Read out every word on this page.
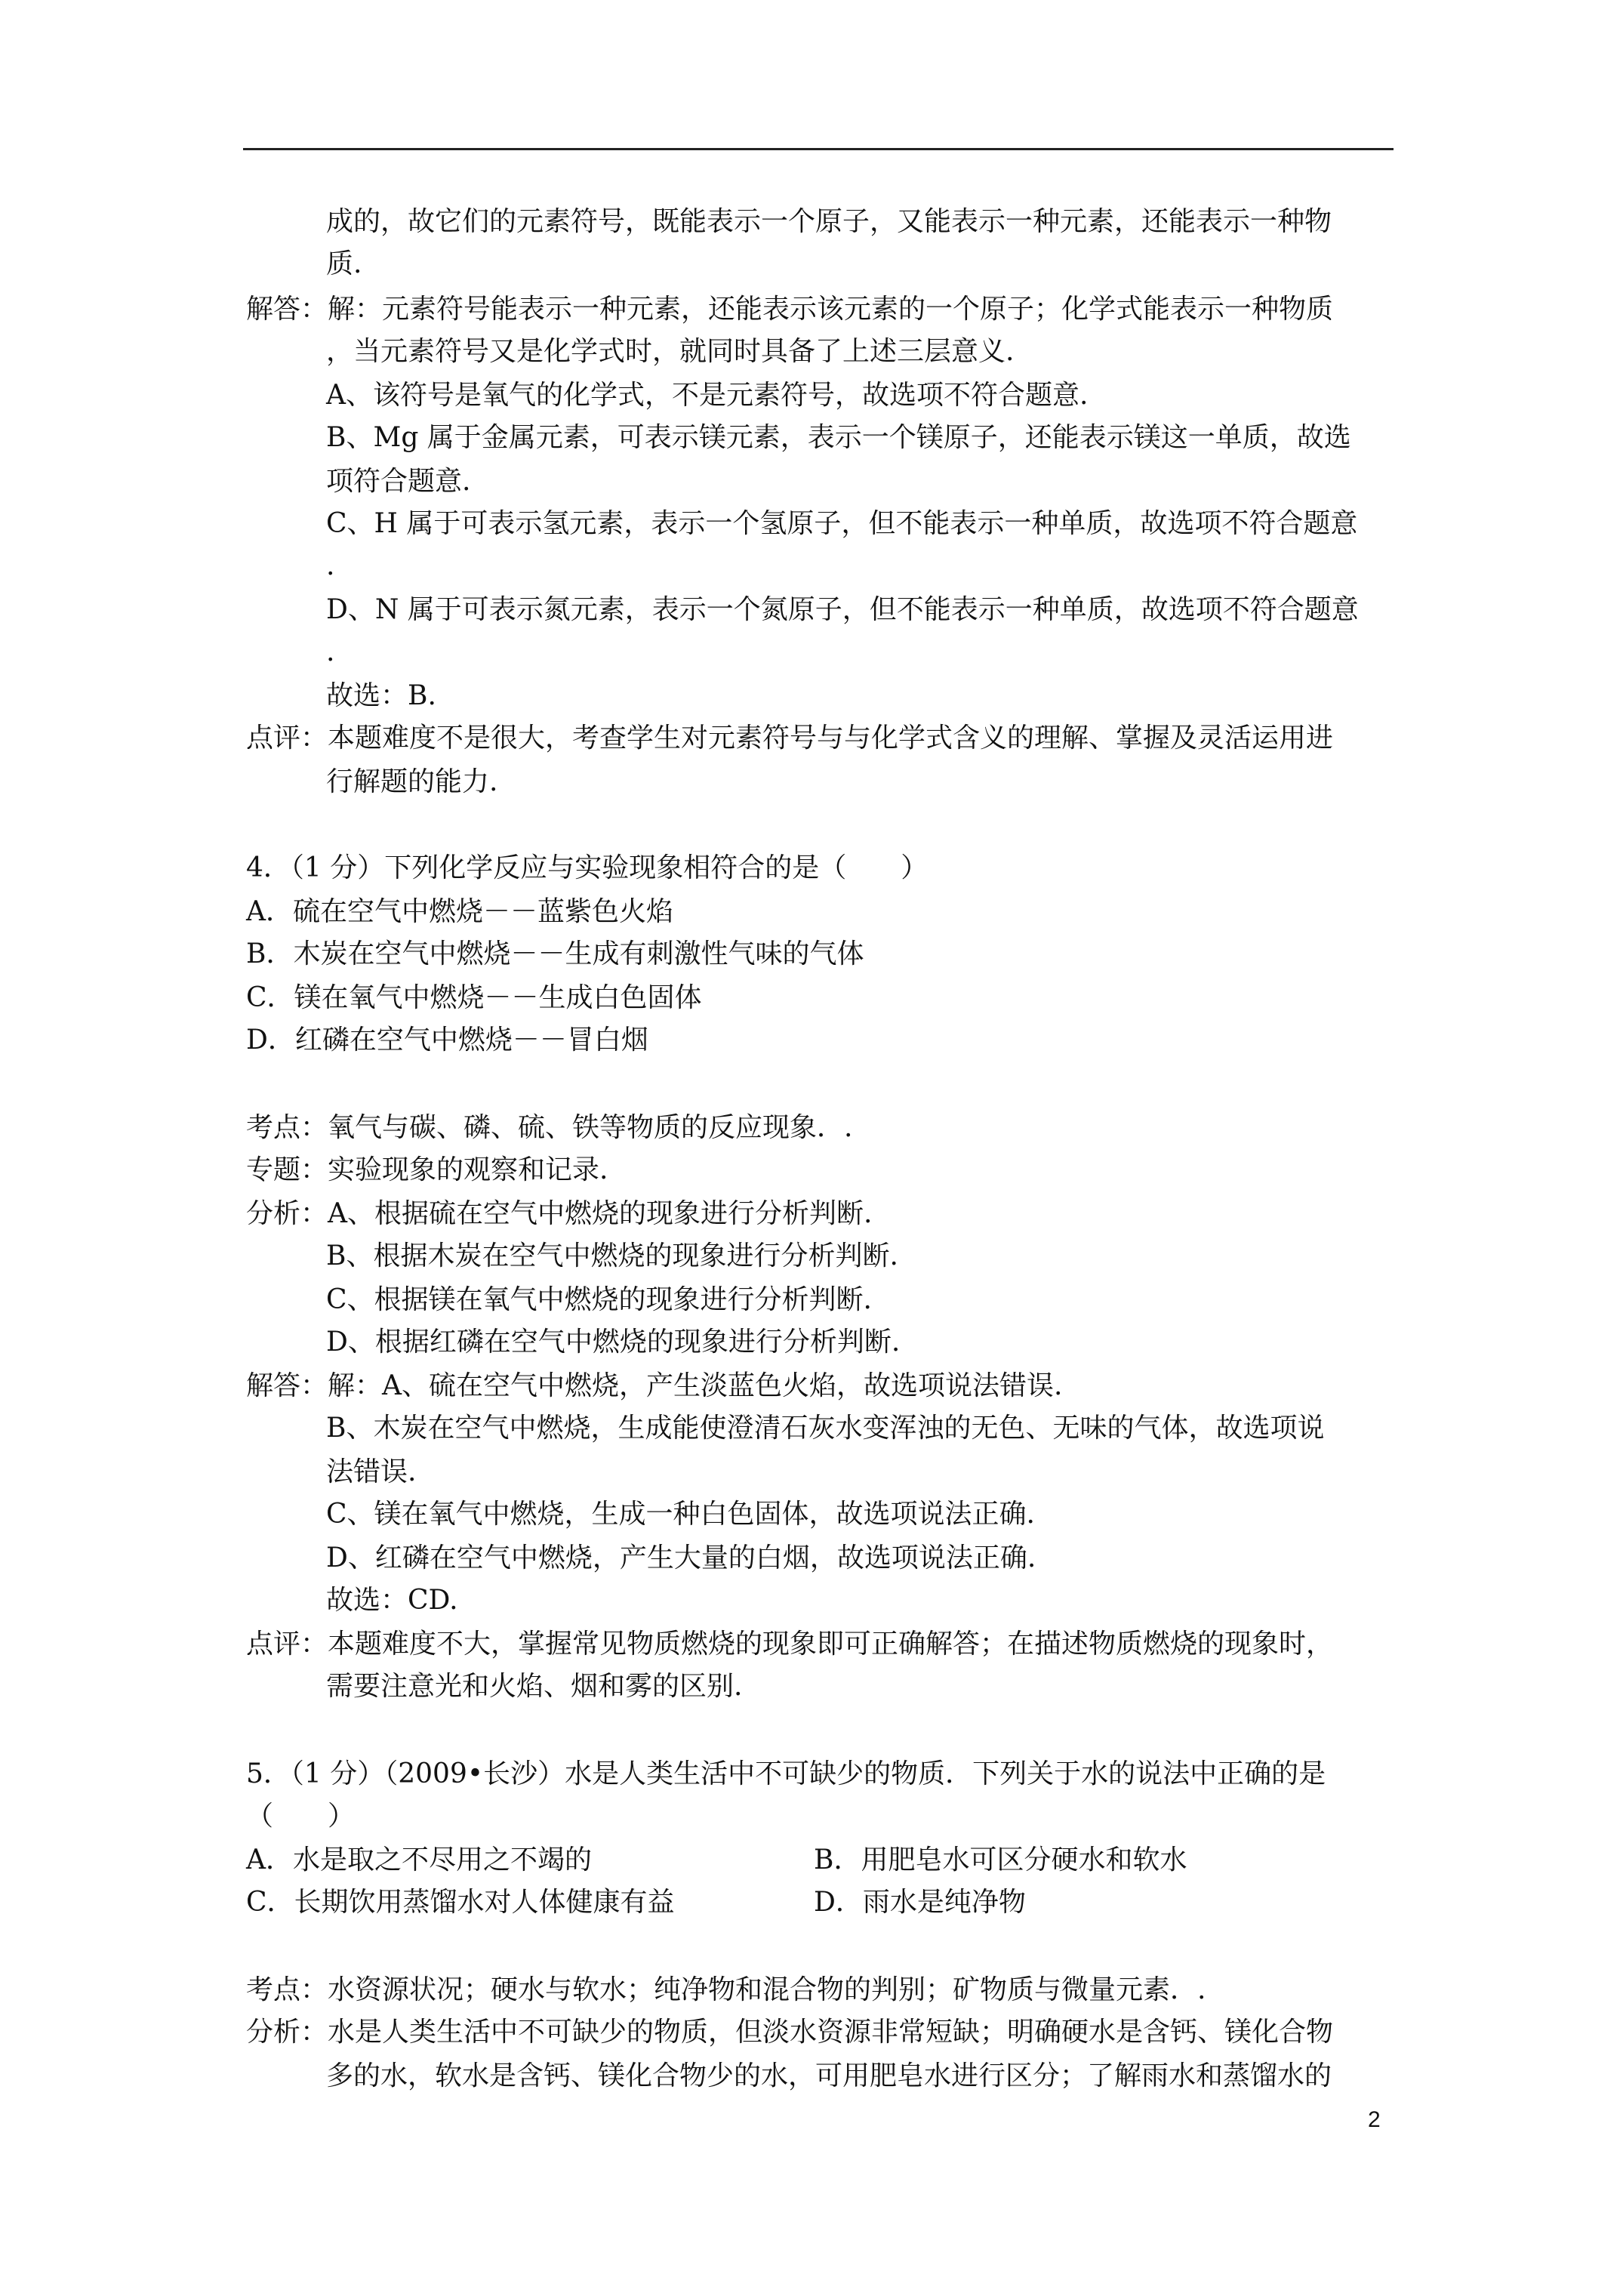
成的，故它们的元素符号，既能表示一个原子，又能表示一种元素，还能表示一种物
质.
解答：解：元素符号能表示一种元素，还能表示该元素的一个原子；化学式能表示一种物质
，当元素符号又是化学式时，就同时具备了上述三层意义.
A、该符号是氧气的化学式，不是元素符号，故选项不符合题意.
B、Mg 属于金属元素，可表示镁元素，表示一个镁原子，还能表示镁这一单质，故选
项符合题意.
C、H 属于可表示氢元素，表示一个氢原子，但不能表示一种单质，故选项不符合题意
.
D、N 属于可表示氮元素，表示一个氮原子，但不能表示一种单质，故选项不符合题意
.
故选：B.
点评：本题难度不是很大，考查学生对元素符号与与化学式含义的理解、掌握及灵活运用进
行解题的能力.
4．（1 分）下列化学反应与实验现象相符合的是（　　）
A．硫在空气中燃烧－－蓝紫色火焰
B．木炭在空气中燃烧－－生成有刺激性气味的气体
C．镁在氧气中燃烧－－生成白色固体
D．红磷在空气中燃烧－－冒白烟
考点：氧气与碳、磷、硫、铁等物质的反应现象．.
专题：实验现象的观察和记录.
分析：A、根据硫在空气中燃烧的现象进行分析判断.
B、根据木炭在空气中燃烧的现象进行分析判断.
C、根据镁在氧气中燃烧的现象进行分析判断.
D、根据红磷在空气中燃烧的现象进行分析判断.
解答：解：A、硫在空气中燃烧，产生淡蓝色火焰，故选项说法错误.
B、木炭在空气中燃烧，生成能使澄清石灰水变浑浊的无色、无味的气体，故选项说
法错误.
C、镁在氧气中燃烧，生成一种白色固体，故选项说法正确.
D、红磷在空气中燃烧，产生大量的白烟，故选项说法正确.
故选：CD.
点评：本题难度不大，掌握常见物质燃烧的现象即可正确解答；在描述物质燃烧的现象时，
需要注意光和火焰、烟和雾的区别.
5．（1 分）（2009•长沙）水是人类生活中不可缺少的物质．下列关于水的说法中正确的是
（　　）
A．水是取之不尽用之不竭的	B．用肥皂水可区分硬水和软水
C．长期饮用蒸馏水对人体健康有益	D．雨水是纯净物
考点：水资源状况；硬水与软水；纯净物和混合物的判别；矿物质与微量元素．.
分析：水是人类生活中不可缺少的物质，但淡水资源非常短缺；明确硬水是含钙、镁化合物
多的水，软水是含钙、镁化合物少的水，可用肥皂水进行区分；了解雨水和蒸馏水的
2
